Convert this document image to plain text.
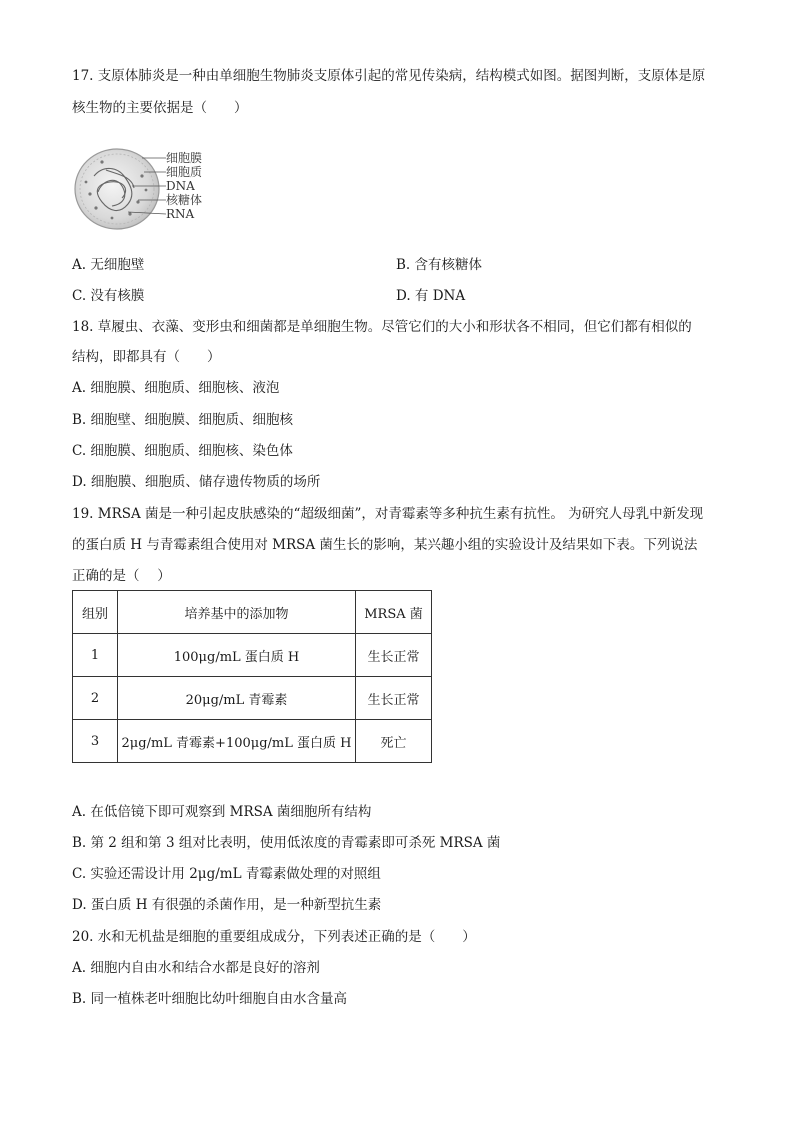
17. 支原体肺炎是一种由单细胞生物肺炎支原体引起的常见传染病，结构模式如图。据图判断，支原体是原
核生物的主要依据是（　　）
细胞膜
细胞质
DNA
核糖体
RNA
A. 无细胞壁	B. 含有核糖体
C. 没有核膜	D. 有 DNA
18. 草履虫、衣藻、变形虫和细菌都是单细胞生物。尽管它们的大小和形状各不相同，但它们都有相似的
结构，即都具有（　　）
A. 细胞膜、细胞质、细胞核、液泡
B. 细胞壁、细胞膜、细胞质、细胞核
C. 细胞膜、细胞质、细胞核、染色体
D. 细胞膜、细胞质、储存遗传物质的场所
19. MRSA 菌是一种引起皮肤感染的“超级细菌”，对青霉素等多种抗生素有抗性。 为研究人母乳中新发现
的蛋白质 H 与青霉素组合使用对 MRSA 菌生长的影响，某兴趣小组的实验设计及结果如下表。下列说法
正确的是（　 ）
组别	培养基中的添加物	MRSA 菌
1	100μg/mL 蛋白质 H	生长正常
2	20μg/mL 青霉素	生长正常
3	2μg/mL 青霉素+100μg/mL 蛋白质 H	死亡
A. 在低倍镜下即可观察到 MRSA 菌细胞所有结构
B. 第 2 组和第 3 组对比表明，使用低浓度的青霉素即可杀死 MRSA 菌
C. 实验还需设计用 2μg/mL 青霉素做处理的对照组
D. 蛋白质 H 有很强的杀菌作用，是一种新型抗生素
20. 水和无机盐是细胞的重要组成成分，下列表述正确的是（　　）
A. 细胞内自由水和结合水都是良好的溶剂
B. 同一植株老叶细胞比幼叶细胞自由水含量高
